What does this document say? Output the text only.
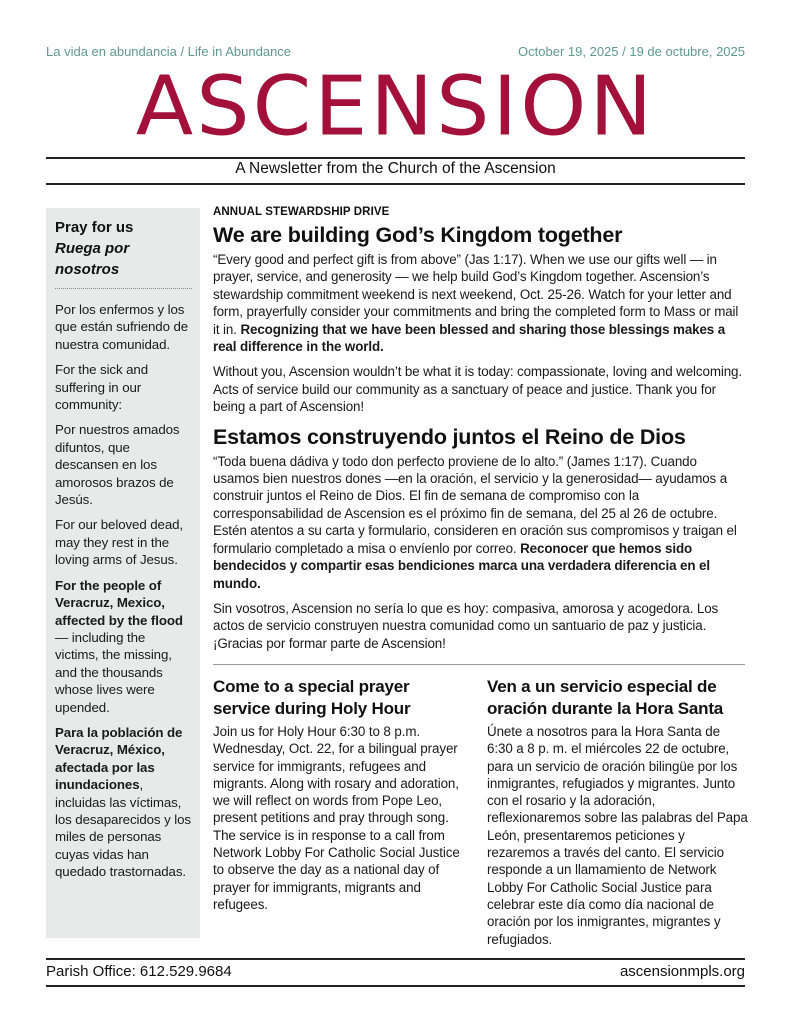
La vida en abundancia / Life in Abundance	October 19, 2025 / 19 de octubre, 2025
ASCENSION
A Newsletter from the Church of the Ascension
Pray for us
Ruega por
nosotros

Por los enfermos y los que están sufriendo de nuestra comunidad.

For the sick and suffering in our community:

Por nuestros amados difuntos, que descansen en los amorosos brazos de Jesús.

For our beloved dead, may they rest in the loving arms of Jesus.

For the people of Veracruz, Mexico, affected by the flood — including the victims, the missing, and the thousands whose lives were upended.

Para la población de Veracruz, México, afectada por las inundaciones, incluidas las víctimas, los desaparecidos y los miles de personas cuyas vidas han quedado trastornadas.

ANNUAL STEWARDSHIP DRIVE
We are building God’s Kingdom together

“Every good and perfect gift is from above” (Jas 1:17). When we use our gifts well — in prayer, service, and generosity — we help build God’s Kingdom together. Ascension’s stewardship commitment weekend is next weekend, Oct. 25-26. Watch for your letter and form, prayerfully consider your commitments and bring the completed form to Mass or mail it in. Recognizing that we have been blessed and sharing those blessings makes a real difference in the world.

Without you, Ascension wouldn’t be what it is today: compassionate, loving and welcoming. Acts of service build our community as a sanctuary of peace and justice. Thank you for being a part of Ascension!

Estamos construyendo juntos el Reino de Dios

“Toda buena dádiva y todo don perfecto proviene de lo alto.” (James 1:17). Cuando usamos bien nuestros dones —en la oración, el servicio y la generosidad— ayudamos a construir juntos el Reino de Dios. El fin de semana de compromiso con la corresponsabilidad de Ascension es el próximo fin de semana, del 25 al 26 de octubre. Estén atentos a su carta y formulario, consideren en oración sus compromisos y traigan el formulario completado a misa o envíenlo por correo. Reconocer que hemos sido bendecidos y compartir esas bendiciones marca una verdadera diferencia en el mundo.

Sin vosotros, Ascension no sería lo que es hoy: compasiva, amorosa y acogedora. Los actos de servicio construyen nuestra comunidad como un santuario de paz y justicia. ¡Gracias por formar parte de Ascension!

Come to a special prayer service during Holy Hour

Join us for Holy Hour 6:30 to 8 p.m. Wednesday, Oct. 22, for a bilingual prayer service for immigrants, refugees and migrants. Along with rosary and adoration, we will reflect on words from Pope Leo, present petitions and pray through song. The service is in response to a call from Network Lobby For Catholic Social Justice to observe the day as a national day of prayer for immigrants, migrants and refugees.

Ven a un servicio especial de oración durante la Hora Santa

Únete a nosotros para la Hora Santa de 6:30 a 8 p. m. el miércoles 22 de octubre, para un servicio de oración bilingüe por los inmigrantes, refugiados y migrantes. Junto con el rosario y la adoración, reflexionaremos sobre las palabras del Papa León, presentaremos peticiones y rezaremos a través del canto. El servicio responde a un llamamiento de Network Lobby For Catholic Social Justice para celebrar este día como día nacional de oración por los inmigrantes, migrantes y refugiados.

Parish Office: 612.529.9684	ascensionmpls.org
